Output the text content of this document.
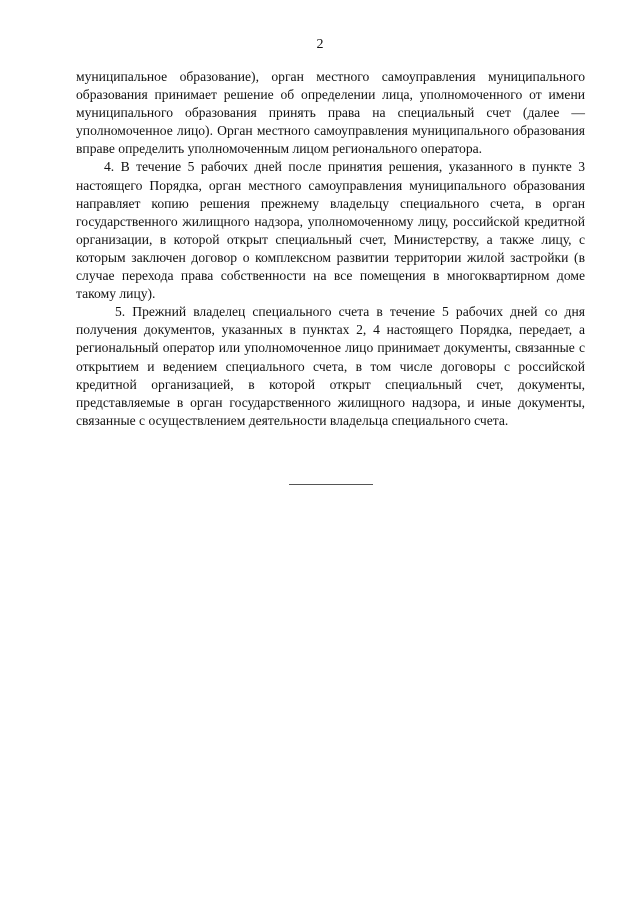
2

муниципальное образование), орган местного самоуправления муниципального образования принимает решение об определении лица, уполномоченного от имени муниципального образования принять права на специальный счет (далее — уполномоченное лицо). Орган местного самоуправления муниципального образования вправе определить уполномоченным лицом регионального оператора.

4. В течение 5 рабочих дней после принятия решения, указанного в пункте 3 настоящего Порядка, орган местного самоуправления муниципального образования направляет копию решения прежнему владельцу специального счета, в орган государственного жилищного надзора, уполномоченному лицу, российской кредитной организации, в которой открыт специальный счет, Министерству, а также лицу, с которым заключен договор о комплексном развитии территории жилой застройки (в случае перехода права собственности на все помещения в многоквартирном доме такому лицу).

5. Прежний владелец специального счета в течение 5 рабочих дней со дня получения документов, указанных в пунктах 2, 4 настоящего Порядка, передает, а региональный оператор или уполномоченное лицо принимает документы, связанные с открытием и ведением специального счета, в том числе договоры с российской кредитной организацией, в которой открыт специальный счет, документы, представляемые в орган государственного жилищного надзора, и иные документы, связанные с осуществлением деятельности владельца специального счета.
